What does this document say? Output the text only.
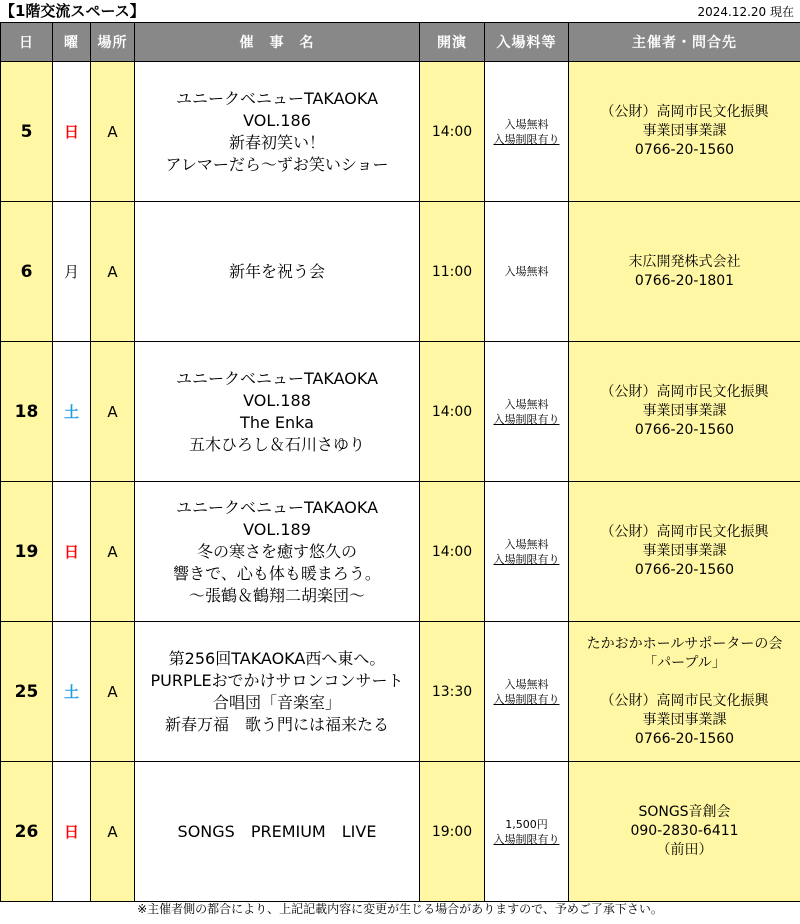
【1階交流スペース】	2024.12.20 現在
日	曜	場所	催　事　名	開演	入場料等	主催者・問合先
5	日	A	ユニークベニューTAKAOKA
VOL.186
新春初笑い！
アレマーだら～ずお笑いショー	14:00	入場無料
入場制限有り	（公財）高岡市民文化振興
事業団事業課
0766-20-1560

6	月	A	新年を祝う会	11:00	入場無料	末広開発株式会社
0766-20-1801

18	土	A	ユニークベニューTAKAOKA
VOL.188
The Enka
五木ひろし＆石川さゆり	14:00	入場無料
入場制限有り	（公財）高岡市民文化振興
事業団事業課
0766-20-1560

19	日	A	ユニークベニューTAKAOKA
VOL.189
冬の寒さを癒す悠久の
響きで、心も体も暖まろう。
～張鶴＆鶴翔二胡楽団～	14:00	入場無料
入場制限有り	（公財）高岡市民文化振興
事業団事業課
0766-20-1560

25	土	A	第256回TAKAOKA西へ東へ。
PURPLEおでかけサロンコンサート
合唱団「音楽室」
新春万福　歌う門には福来たる	13:30	入場無料
入場制限有り	たかおかホールサポーターの会
「パープル」
（公財）高岡市民文化振興
事業団事業課
0766-20-1560

26	日	A	SONGS　PREMIUM　LIVE	19:00	1,500円
入場制限有り	SONGS音創会
090-2830-6411
（前田）
※主催者側の都合により、上記記載内容に変更が生じる場合がありますので、予めご了承下さい。
